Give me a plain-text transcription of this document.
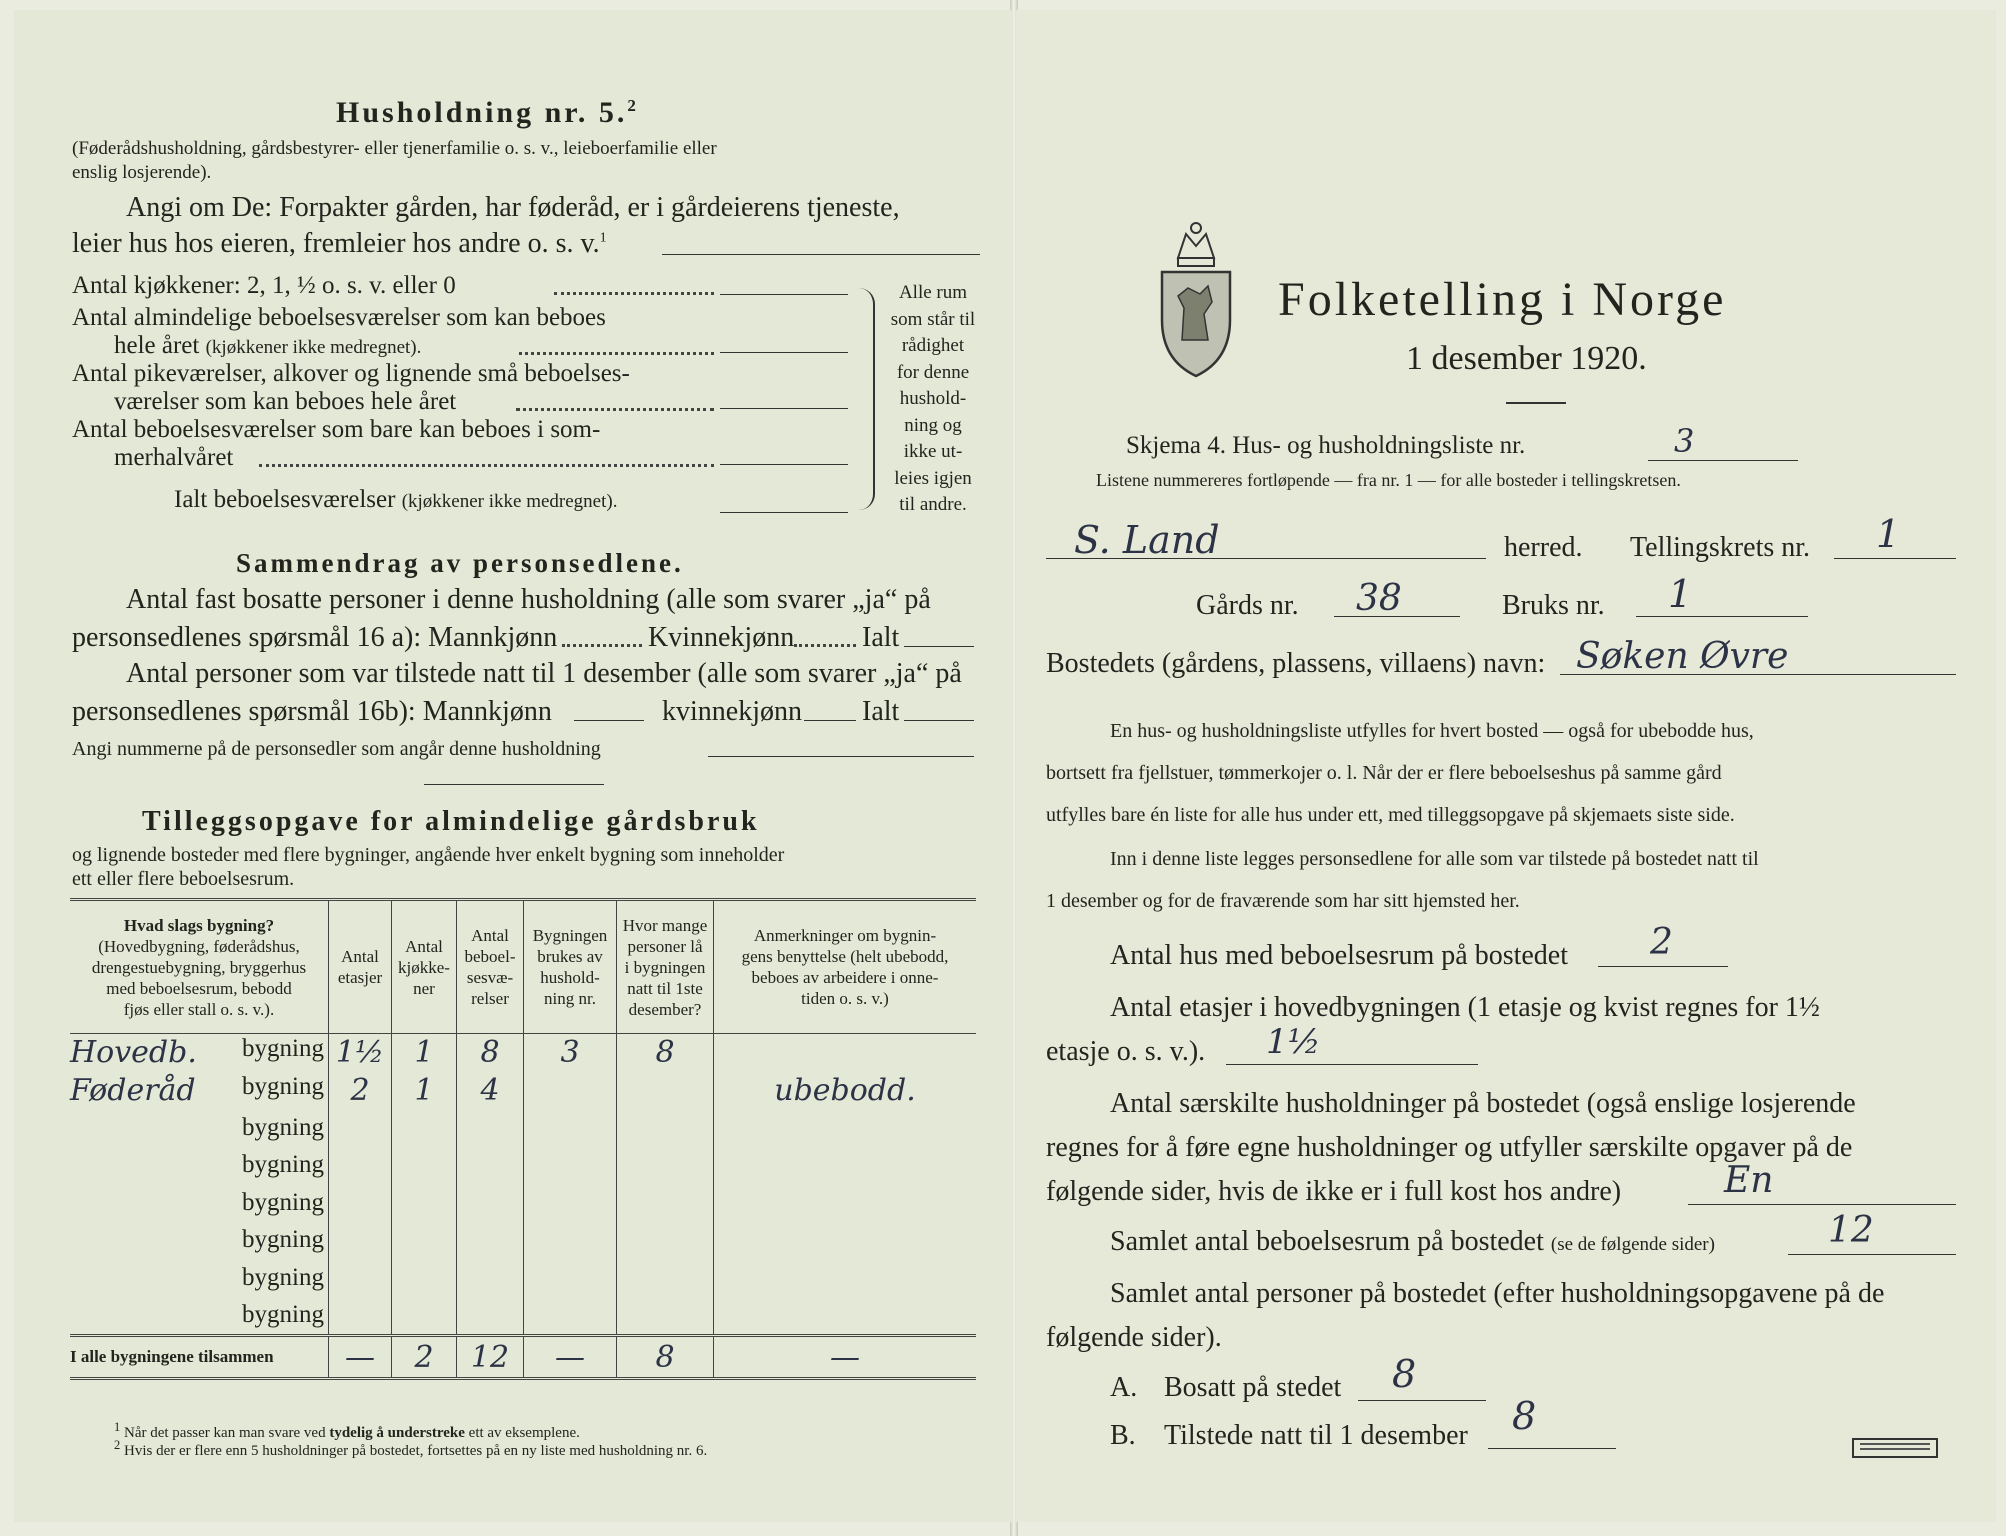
Husholdning nr. 5.$^2$
(Føderådshusholdning, gårdsbestyrer- eller tjenerfamilie o. s. v., leieboerfamilie eller
enslig losjerende).
Angi om De: Forpakter gården, har føderåd, er i gårdeierens tjeneste,
leier hus hos eieren, fremleier hos andre o. s. v.$^1$
Antal kjøkkener: 2, 1, ½ o. s. v. eller 0
Antal almindelige beboelsesværelser som kan beboes
hele året (kjøkkener ikke medregnet).
Antal pikeværelser, alkover og lignende små beboelses-
værelser som kan beboes hele året
Antal beboelsesværelser som bare kan beboes i som-
merhalvåret
Ialt beboelsesværelser (kjøkkener ikke medregnet).
Alle rum
som står til
rådighet
for denne
hushold-
ning og
ikke ut-
leies igjen
til andre.
Sammendrag av personsedlene.
Antal fast bosatte personer i denne husholdning (alle som svarer „ja“ på
personsedlenes spørsmål 16 a): Mannkjønn	Kvinnekjønn Ialt
Antal personer som var tilstede natt til 1 desember (alle som svarer „ja“ på
personsedlenes spørsmål 16b): Mannkjønn	kvinnekjønn Ialt
Angi nummerne på de personsedler som angår denne husholdning
Tilleggsopgave for almindelige gårdsbruk
og lignende bosteder med flere bygninger, angående hver enkelt bygning som inneholder
ett eller flere beboelsesrum.
Hvad slags bygning?
(Hovedbygning, føderådshus,
drengestuebygning, bryggerhus
med beboelsesrum, bebodd
fjøs eller stall o. s. v.).	Antal
etasjer	Antal
kjøkke-
ner	Antal
beboel-
sesvæ-
relser	Bygningen
brukes av
hushold-
ning nr.	Hvor mange
personer lå
i bygningen
natt til 1ste
desember?	Anmerkninger om bygnin-
gens benyttelse (helt ubebodd,
beboes av arbeidere i onne-
tiden o. s. v.)
Hovedb. bygning	1½	1	8	3	8	
Føderåd bygning	2	1	4			ubebodd.

bygning						

bygning						

bygning						

bygning						

bygning						

bygning						

I alle bygningene tilsammen	—	2	12	—	8	—
$^1$ Når det passer kan man svare ved tydelig å understreke ett av eksemplene.
$^2$ Hvis der er flere enn 5 husholdninger på bostedet, fortsettes på en ny liste med husholdning nr. 6.
Folketelling i Norge
1 desember 1920.
Skjema 4. Hus- og husholdningsliste nr.	3
Listene nummereres fortløpende — fra nr. 1 — for alle bosteder i tellingskretsen.
S. Land	herred. Tellingskrets nr. 1
Gårds nr. 38	Bruks nr. 1
Bostedets (gårdens, plassens, villaens) navn: Søken Øvre
En hus- og husholdningsliste utfylles for hvert bosted — også for ubebodde hus,
bortsett fra fjellstuer, tømmerkojer o. l. Når der er flere beboelseshus på samme gård
utfylles bare én liste for alle hus under ett, med tilleggsopgave på skjemaets siste side.
Inn i denne liste legges personsedlene for alle som var tilstede på bostedet natt til
1 desember og for de fraværende som har sitt hjemsted her.
Antal hus med beboelsesrum på bostedet 2
Antal etasjer i hovedbygningen (1 etasje og kvist regnes for 1½
etasje o. s. v.). 1½
Antal særskilte husholdninger på bostedet (også enslige losjerende
regnes for å føre egne husholdninger og utfyller særskilte opgaver på de
følgende sider, hvis de ikke er i full kost hos andre)	En
Samlet antal beboelsesrum på bostedet (se de følgende sider)	12
Samlet antal personer på bostedet (efter husholdningsopgavene på de
følgende sider).
A. Bosatt på stedet 8
B. Tilstede natt til 1 desember 8
